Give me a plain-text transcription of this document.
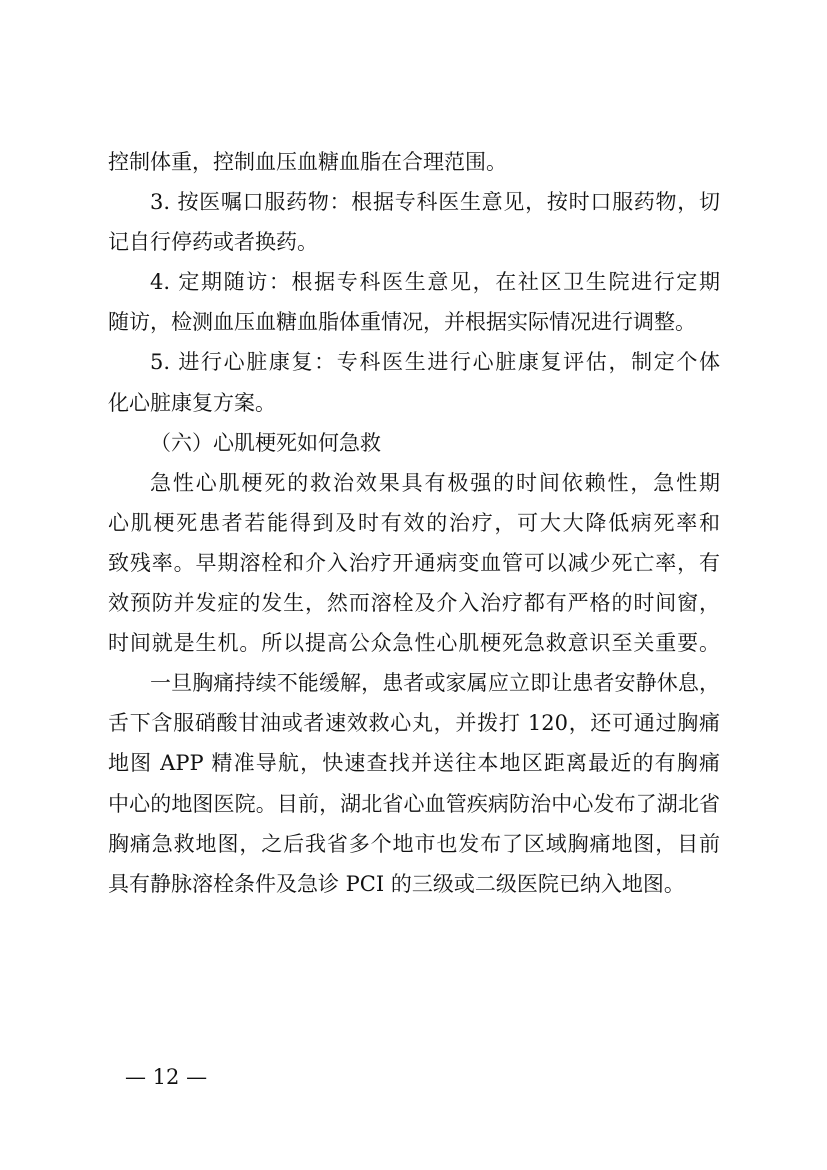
控制体重，控制血压血糖血脂在合理范围。
3. 按医嘱口服药物：根据专科医生意见，按时口服药物，切
记自行停药或者换药。
4. 定期随访：根据专科医生意见，在社区卫生院进行定期
随访，检测血压血糖血脂体重情况，并根据实际情况进行调整。
5. 进行心脏康复：专科医生进行心脏康复评估，制定个体
化心脏康复方案。
（六）心肌梗死如何急救
急性心肌梗死的救治效果具有极强的时间依赖性，急性期
心肌梗死患者若能得到及时有效的治疗，可大大降低病死率和
致残率。早期溶栓和介入治疗开通病变血管可以减少死亡率，有
效预防并发症的发生，然而溶栓及介入治疗都有严格的时间窗，
时间就是生机。所以提高公众急性心肌梗死急救意识至关重要。
一旦胸痛持续不能缓解，患者或家属应立即让患者安静休息，
舌下含服硝酸甘油或者速效救心丸，并拨打 120，还可通过胸痛
地图 APP 精准导航，快速查找并送往本地区距离最近的有胸痛
中心的地图医院。目前，湖北省心血管疾病防治中心发布了湖北省
胸痛急救地图，之后我省多个地市也发布了区域胸痛地图，目前
具有静脉溶栓条件及急诊 PCI 的三级或二级医院已纳入地图。
— 12 —
